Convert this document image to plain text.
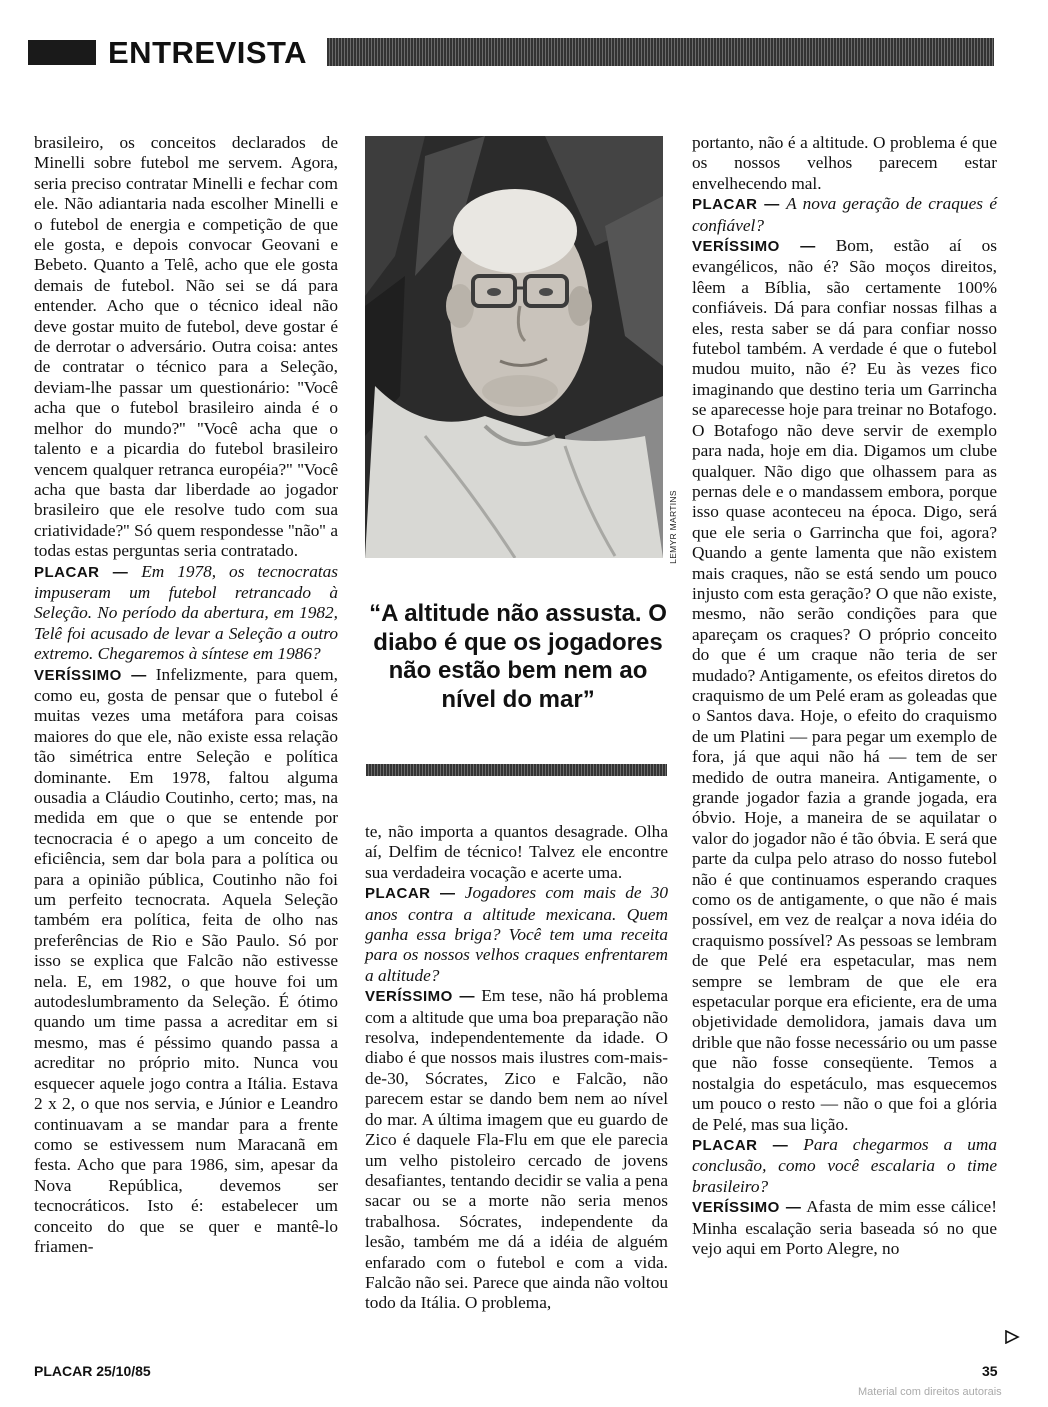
ENTREVISTA

brasileiro, os conceitos declarados de Minelli sobre futebol me servem. Agora, seria preciso contratar Minelli e fechar com ele. Não adiantaria nada escolher Minelli e o futebol de energia e competição de que ele gosta, e depois convocar Geovani e Bebeto. Quanto a Telê, acho que ele gosta demais de futebol. Não sei se dá para entender. Acho que o técnico ideal não deve gostar muito de futebol, deve gostar é de derrotar o adversário. Outra coisa: antes de contratar o técnico para a Seleção, deviam-lhe passar um questionário: ''Você acha que o futebol brasileiro ainda é o melhor do mundo?'' ''Você acha que o talento e a picardia do futebol brasileiro vencem qualquer retranca européia?'' ''Você acha que basta dar liberdade ao jogador brasileiro que ele resolve tudo com sua criatividade?'' Só quem respondesse ''não'' a todas estas perguntas seria contratado.

PLACAR — Em 1978, os tecnocratas impuseram um futebol retrancado à Seleção. No período da abertura, em 1982, Telê foi acusado de levar a Seleção a outro extremo. Chegaremos à síntese em 1986?

VERÍSSIMO — Infelizmente, para quem, como eu, gosta de pensar que o futebol é muitas vezes uma metáfora para coisas maiores do que ele, não existe essa relação tão simétrica entre Seleção e política dominante. Em 1978, faltou alguma ousadia a Cláudio Coutinho, certo; mas, na medida em que o que se entende por tecnocracia é o apego a um conceito de eficiência, sem dar bola para a política ou para a opinião pública, Coutinho não foi um perfeito tecnocrata. Aquela Seleção também era política, feita de olho nas preferências de Rio e São Paulo. Só por isso se explica que Falcão não estivesse nela. E, em 1982, o que houve foi um autodeslumbramento da Seleção. É ótimo quando um time passa a acreditar em si mesmo, mas é péssimo quando passa a acreditar no próprio mito. Nunca vou esquecer aquele jogo contra a Itália. Estava 2 x 2, o que nos servia, e Júnior e Leandro continuavam a se mandar para a frente como se estivessem num Maracanã em festa. Acho que para 1986, sim, apesar da Nova República, devemos ser tecnocráticos. Isto é: estabelecer um conceito do que se quer e mantê-lo friamen-

LEMYR MARTINS
“A altitude não assusta. O diabo é que os jogadores não estão bem nem ao nível do mar”

te, não importa a quantos desagrade. Olha aí, Delfim de técnico! Talvez ele encontre sua verdadeira vocação e acerte uma.

PLACAR — Jogadores com mais de 30 anos contra a altitude mexicana. Quem ganha essa briga? Você tem uma receita para os nossos velhos craques enfrentarem a altitude?

VERÍSSIMO — Em tese, não há problema com a altitude que uma boa preparação não resolva, independentemente da idade. O diabo é que nossos mais ilustres com-mais-de-30, Sócrates, Zico e Falcão, não parecem estar se dando bem nem ao nível do mar. A última imagem que eu guardo de Zico é daquele Fla-Flu em que ele parecia um velho pistoleiro cercado de jovens desafiantes, tentando decidir se valia a pena sacar ou se a morte não seria menos trabalhosa. Sócrates, independente da lesão, também me dá a idéia de alguém enfarado com o futebol e com a vida. Falcão não sei. Parece que ainda não voltou todo da Itália. O problema,

portanto, não é a altitude. O problema é que os nossos velhos parecem estar envelhecendo mal.

PLACAR — A nova geração de craques é confiável?

VERÍSSIMO — Bom, estão aí os evangélicos, não é? São moços direitos, lêem a Bíblia, são certamente 100% confiáveis. Dá para confiar nossas filhas a eles, resta saber se dá para confiar nosso futebol também. A verdade é que o futebol mudou muito, não é? Eu às vezes fico imaginando que destino teria um Garrincha se aparecesse hoje para treinar no Botafogo. O Botafogo não deve servir de exemplo para nada, hoje em dia. Digamos um clube qualquer. Não digo que olhassem para as pernas dele e o mandassem embora, porque isso quase aconteceu na época. Digo, será que ele seria o Garrincha que foi, agora? Quando a gente lamenta que não existem mais craques, não se está sendo um pouco injusto com esta geração? O que não existe, mesmo, não serão condições para que apareçam os craques? O próprio conceito do que é um craque não teria de ser mudado? Antigamente, os efeitos diretos do craquismo de um Pelé eram as goleadas que o Santos dava. Hoje, o efeito do craquismo de um Platini — para pegar um exemplo de fora, já que aqui não há — tem de ser medido de outra maneira. Antigamente, o grande jogador fazia a grande jogada, era óbvio. Hoje, a maneira de se aquilatar o valor do jogador não é tão óbvia. E será que parte da culpa pelo atraso do nosso futebol não é que continuamos esperando craques como os de antigamente, o que não é mais possível, em vez de realçar a nova idéia do craquismo possível? As pessoas se lembram de que Pelé era espetacular, mas nem sempre se lembram de que ele era espetacular porque era eficiente, era de uma objetividade demolidora, jamais dava um drible que não fosse necessário ou um passe que não fosse conseqüente. Temos a nostalgia do espetáculo, mas esquecemos um pouco o resto — não o que foi a glória de Pelé, mas sua lição.

PLACAR — Para chegarmos a uma conclusão, como você escalaria o time brasileiro?

VERÍSSIMO — Afasta de mim esse cálice! Minha escalação seria baseada só no que vejo aqui em Porto Alegre, no

PLACAR 25/10/85	35
Material com direitos autorais
